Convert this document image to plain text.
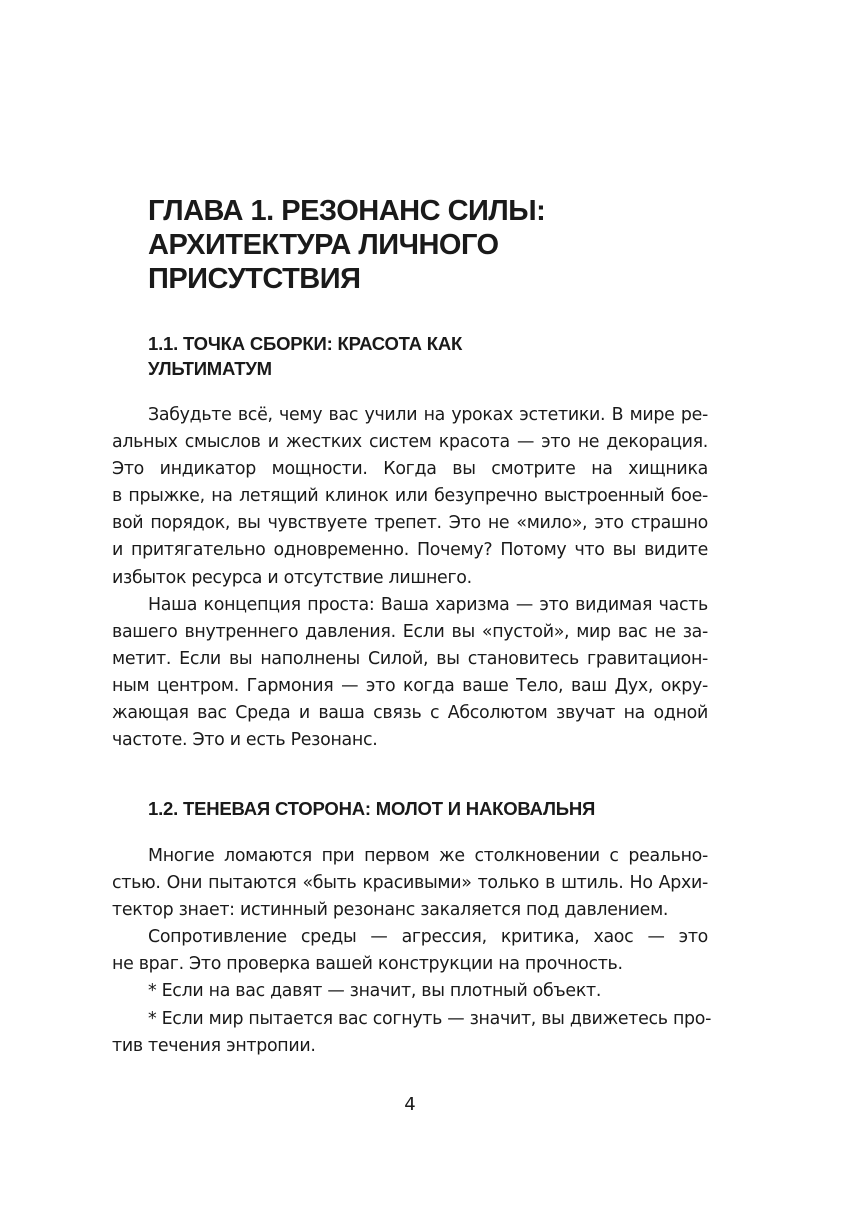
ГЛАВА 1. РЕЗОНАНС СИЛЫ:
АРХИТЕКТУРА ЛИЧНОГО
ПРИСУТСТВИЯ
1.1. ТОЧКА СБОРКИ: КРАСОТА КАК
УЛЬТИМАТУМ

Забудьте всё, чему вас учили на уроках эстетики. В мире ре-
альных смыслов и жестких систем красота — это не декорация.
Это индикатор мощности. Когда вы смотрите на хищника
в прыжке, на летящий клинок или безупречно выстроенный бое-
вой порядок, вы чувствуете трепет. Это не «мило», это страшно
и притягательно одновременно. Почему? Потому что вы видите
избыток ресурса и отсутствие лишнего.

Наша концепция проста: Ваша харизма — это видимая часть
вашего внутреннего давления. Если вы «пустой», мир вас не за-
метит. Если вы наполнены Силой, вы становитесь гравитацион-
ным центром. Гармония — это когда ваше Тело, ваш Дух, окру-
жающая вас Среда и ваша связь с Абсолютом звучат на одной
частоте. Это и есть Резонанс.

1.2. ТЕНЕВАЯ СТОРОНА: МОЛОТ И НАКОВАЛЬНЯ

Многие ломаются при первом же столкновении с реально-
стью. Они пытаются «быть красивыми» только в штиль. Но Архи-
тектор знает: истинный резонанс закаляется под давлением.

Сопротивление среды — агрессия, критика, хаос — это
не враг. Это проверка вашей конструкции на прочность.

* Если на вас давят — значит, вы плотный объект.

* Если мир пытается вас согнуть — значит, вы движетесь про-
тив течения энтропии.

4
